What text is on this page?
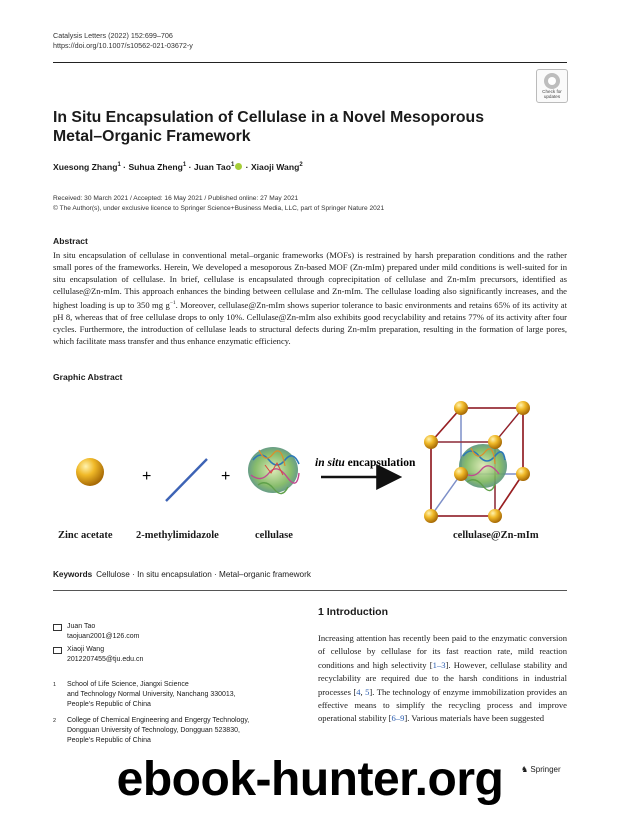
Catalysis Letters (2022) 152:699–706
https://doi.org/10.1007/s10562-021-03672-y
Check for
updates
In Situ Encapsulation of Cellulase in a Novel Mesoporous
Metal–Organic Framework
Xuesong Zhang$^1$ · Suhua Zheng$^1$ · Juan Tao$^1$ · Xiaoji Wang$^2$
Received: 30 March 2021 / Accepted: 16 May 2021 / Published online: 27 May 2021
© The Author(s), under exclusive licence to Springer Science+Business Media, LLC, part of Springer Nature 2021
Abstract
In situ encapsulation of cellulase in conventional metal–organic frameworks (MOFs) is restrained by harsh preparation conditions and the rather small pores of the frameworks. Herein, We developed a mesoporous Zn-based MOF (Zn-mIm) prepared under mild conditions is well-suited for in situ encapsulation of cellulase. In brief, cellulase is encapsulated through coprecipitation of cellulase and Zn-mIm precursors, identified as cellulase@Zn-mIm. This approach enhances the binding between cellulase and Zn-mIm. The cellulase loading also significantly increases, and the highest loading is up to 350 mg $g^{-1}$. Moreover, cellulase@Zn-mIm shows superior tolerance to basic environments and retains 65% of its activity at pH 8, whereas that of free cellulase drops to only 10%. Cellulase@Zn-mIm also exhibits good recyclability and retains 77% of its activity after four cycles. Furthermore, the introduction of cellulase leads to structural defects during Zn-mIm preparation, resulting in the formation of large pores, which facilitate mass transfer and thus enhance enzymatic efficiency.
Graphic Abstract
+	+
in situ encapsulation
Zinc acetate 2-methylimidazole	cellulase	cellulase@Zn-mIm
Keywords Cellulose · In situ encapsulation · Metal–organic framework
Juan Tao
taojuan2001@126.com
Xiaoji Wang
2012207455@tju.edu.cn
1 School of Life Science, Jiangxi Science
and Technology Normal University, Nanchang 330013,
People’s Republic of China
2 College of Chemical Engineering and Engergy Technology,
Dongguan University of Technology, Dongguan 523830,
People’s Republic of China
1 Introduction
Increasing attention has recently been paid to the enzymatic conversion of cellulose by cellulase for its fast reaction rate, mild reaction conditions and high selectivity [1–3]. However, cellulase stability and recyclability are required due to the harsh conditions in industrial processes [4, 5]. The technology of enzyme immobilization provides an effective means to simplify the recycling process and improve operational stability [6–9]. Various materials have been suggested
♞ Springer
ebook-hunter.org
